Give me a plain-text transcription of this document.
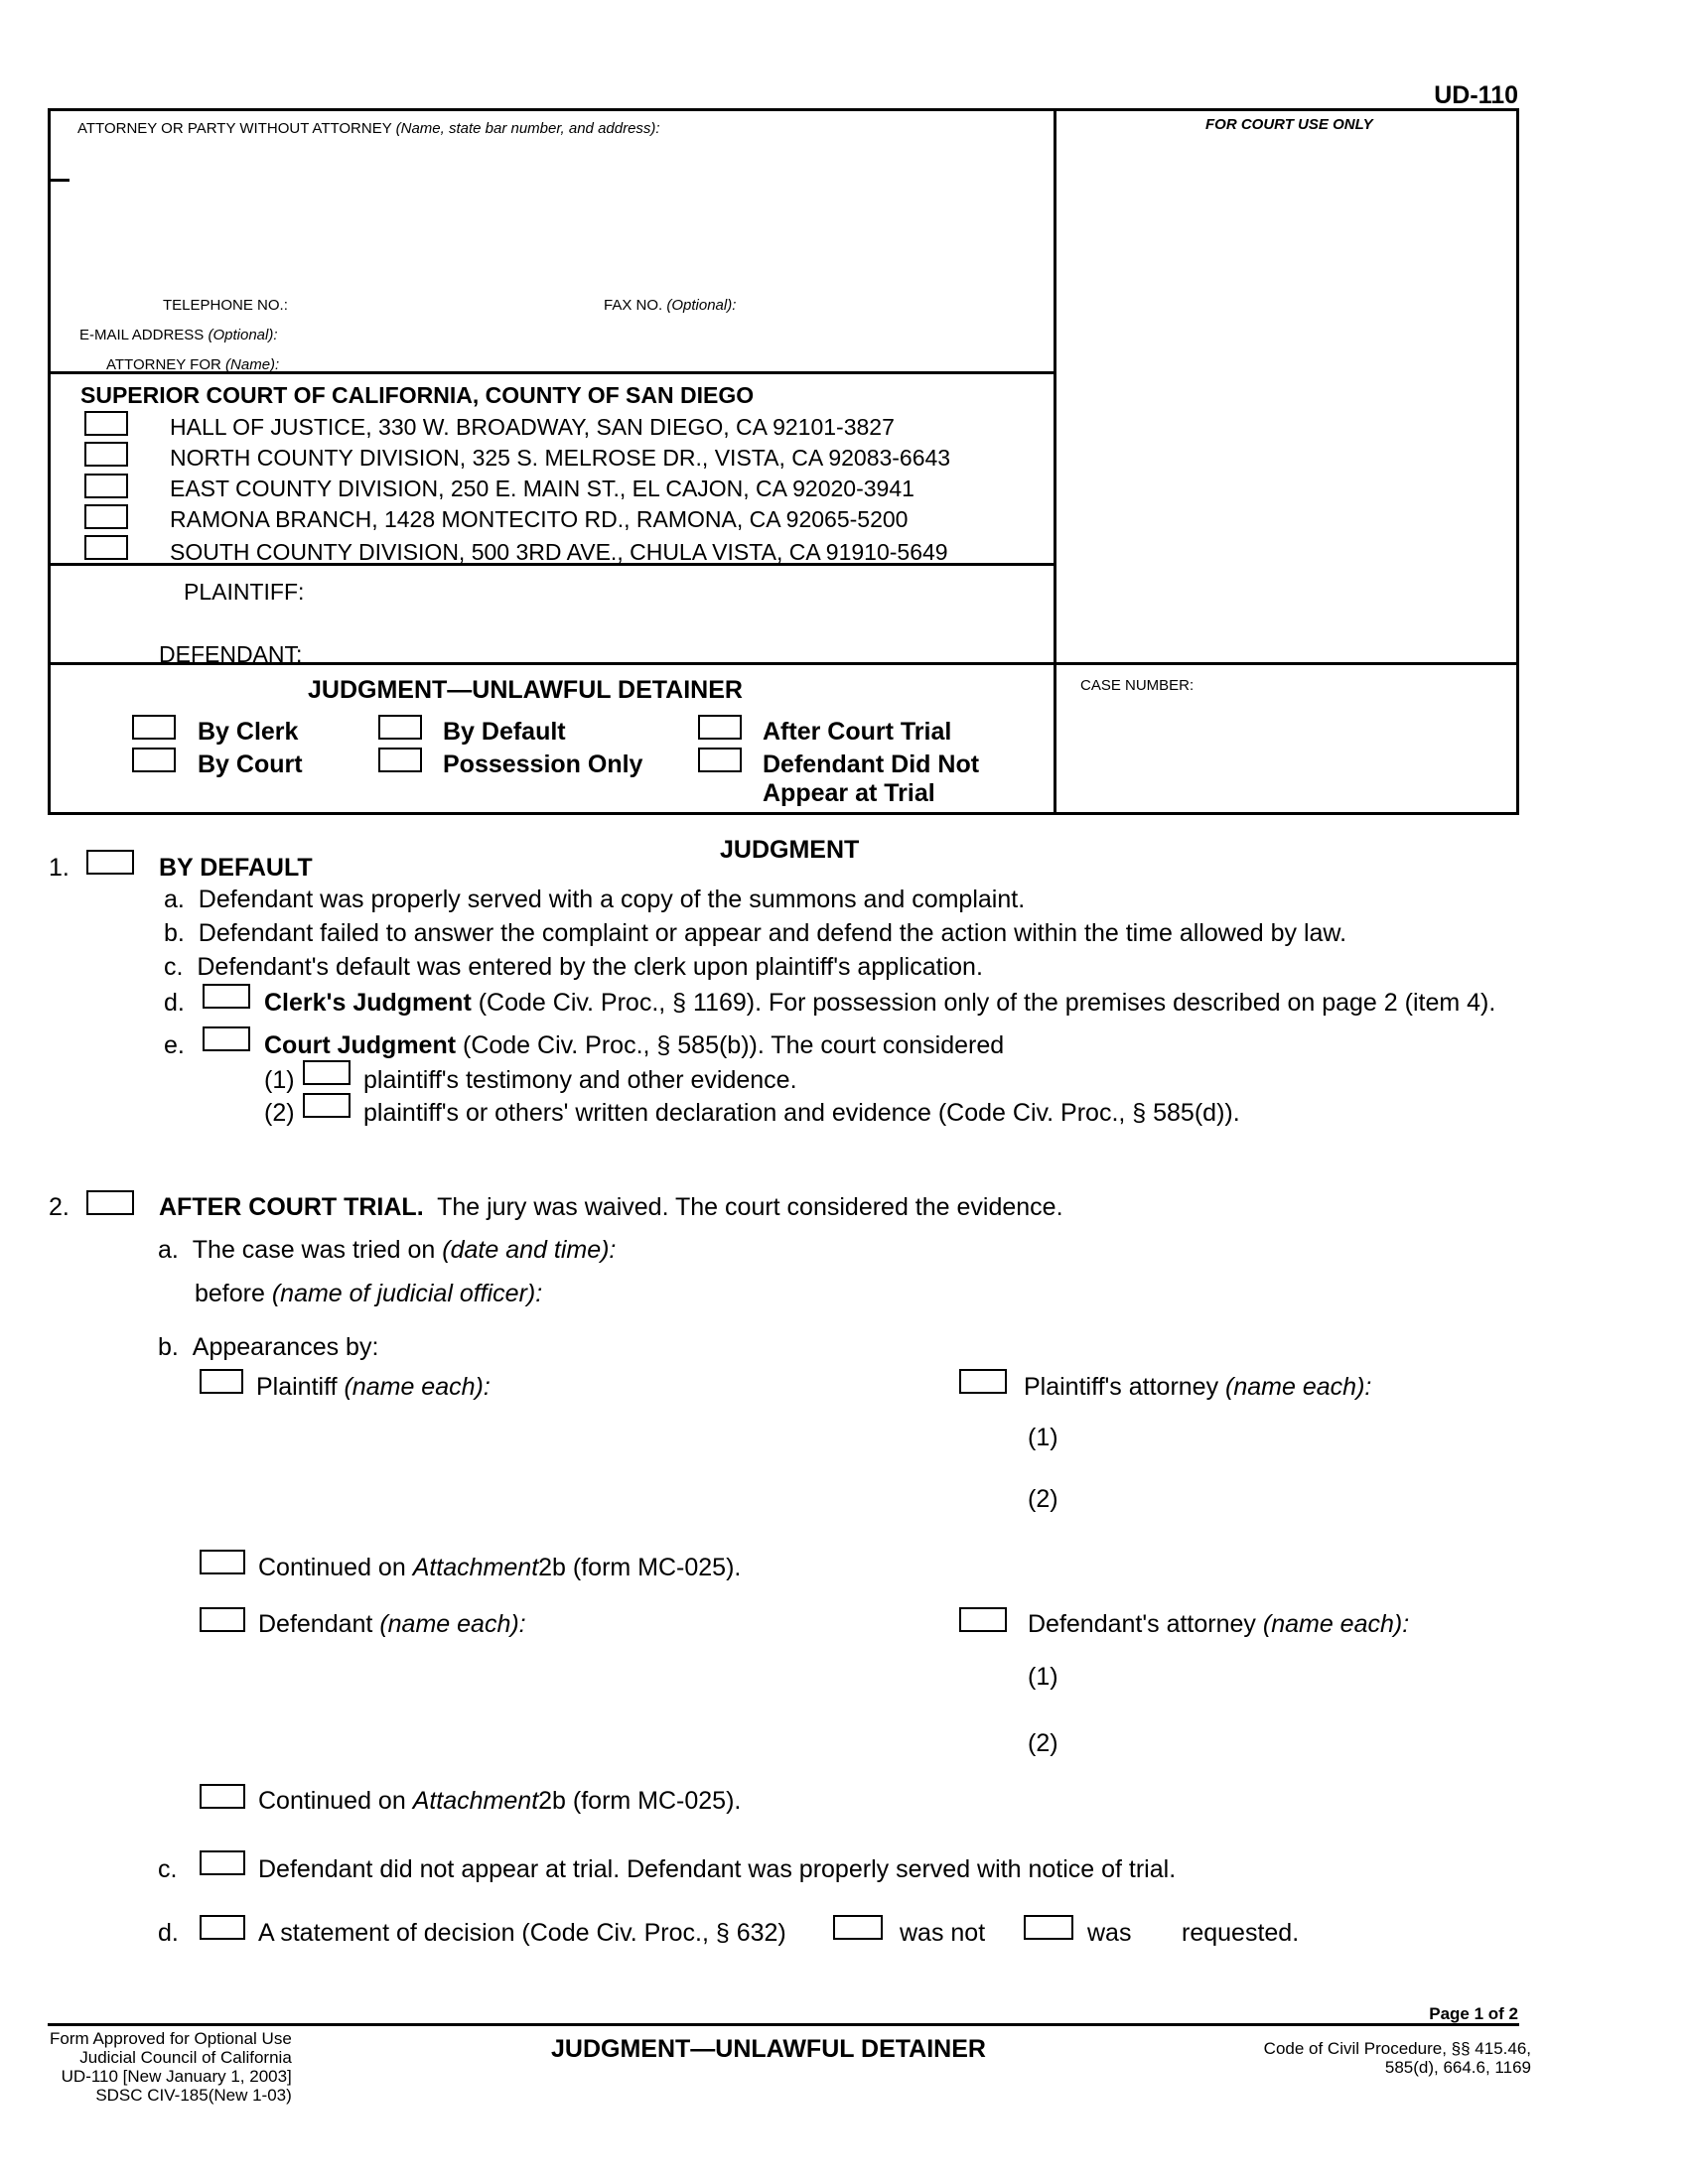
UD-110
ATTORNEY OR PARTY WITHOUT ATTORNEY (Name, state bar number, and address):	FOR COURT USE ONLY
TELEPHONE NO.:	FAX NO. (Optional):
E-MAIL ADDRESS (Optional):
ATTORNEY FOR (Name):
SUPERIOR COURT OF CALIFORNIA, COUNTY OF SAN DIEGO
HALL OF JUSTICE, 330 W. BROADWAY, SAN DIEGO, CA 92101-3827
NORTH COUNTY DIVISION, 325 S. MELROSE DR., VISTA, CA 92083-6643
EAST COUNTY DIVISION, 250 E. MAIN ST., EL CAJON, CA 92020-3941
RAMONA BRANCH, 1428 MONTECITO RD., RAMONA, CA 92065-5200
SOUTH COUNTY DIVISION, 500 3RD AVE., CHULA VISTA, CA 91910-5649
PLAINTIFF:
DEFENDANT:
JUDGMENT—UNLAWFUL DETAINER	CASE NUMBER:
By Clerk
By Court
By Default
Possession Only
After Court Trial
Defendant Did Not
Appear at Trial
JUDGMENT
1.	BY DEFAULT
a. Defendant was properly served with a copy of the summons and complaint.
b. Defendant failed to answer the complaint or appear and defend the action within the time allowed by law.
c. Defendant's default was entered by the clerk upon plaintiff's application.
d.	Clerk's Judgment (Code Civ. Proc., § 1169). For possession only of the premises described on page 2 (item 4).
e.	Court Judgment (Code Civ. Proc., § 585(b)). The court considered
(1)	plaintiff's testimony and other evidence.
(2)	plaintiff's or others' written declaration and evidence (Code Civ. Proc., § 585(d)).
2.	AFTER COURT TRIAL. The jury was waived. The court considered the evidence.
a. The case was tried on (date and time):
before (name of judicial officer):
b. Appearances by:
Plaintiff (name each):	Plaintiff's attorney (name each):
(1)
(2)
Continued on Attachment2b (form MC-025).
Defendant (name each):	Defendant's attorney (name each):
(1)
(2)
Continued on Attachment2b (form MC-025).
c.	Defendant did not appear at trial. Defendant was properly served with notice of trial.
d.	A statement of decision (Code Civ. Proc., § 632)	was not	was requested.
Page 1 of 2
Form Approved for Optional Use
Judicial Council of California
UD-110 [New January 1, 2003]
SDSC CIV-185(New 1-03)
JUDGMENT—UNLAWFUL DETAINER	Code of Civil Procedure, §§ 415.46,
585(d), 664.6, 1169
